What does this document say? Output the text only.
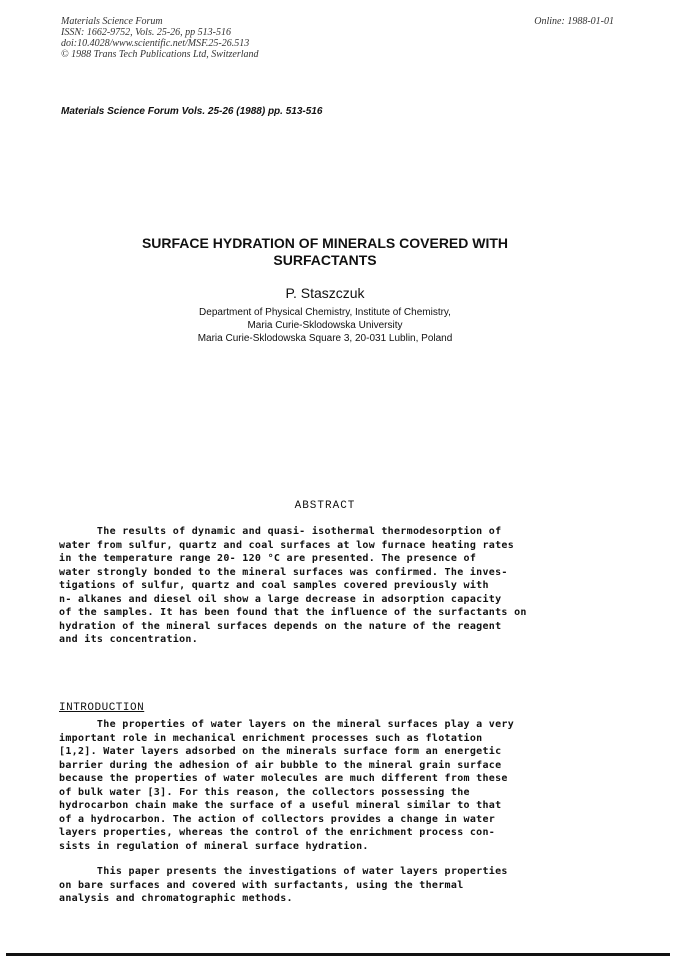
Materials Science Forum
ISSN: 1662-9752, Vols. 25-26, pp 513-516
doi:10.4028/www.scientific.net/MSF.25-26.513
© 1988 Trans Tech Publications Ltd, Switzerland
Online: 1988-01-01
Materials Science Forum Vols. 25-26 (1988) pp. 513-516
SURFACE HYDRATION OF MINERALS COVERED WITH
SURFACTANTS
P. Staszczuk
Department of Physical Chemistry, Institute of Chemistry,
Maria Curie-Sklodowska University
Maria Curie-Sklodowska Square 3, 20-031 Lublin, Poland
ABSTRACT
The results of dynamic and quasi- isothermal thermodesorption of
water from sulfur, quartz and coal surfaces at low furnace heating rates
in the temperature range 20- 120 °C are presented. The presence of
water strongly bonded to the mineral surfaces was confirmed. The inves-
tigations of sulfur, quartz and coal samples covered previously with
n- alkanes and diesel oil show a large decrease in adsorption capacity
of the samples. It has been found that the influence of the surfactants on
hydration of the mineral surfaces depends on the nature of the reagent
and its concentration.
INTRODUCTION
The properties of water layers on the mineral surfaces play a very
important role in mechanical enrichment processes such as flotation
[1,2]. Water layers adsorbed on the minerals surface form an energetic
barrier during the adhesion of air bubble to the mineral grain surface
because the properties of water molecules are much different from these
of bulk water [3]. For this reason, the collectors possessing the
hydrocarbon chain make the surface of a useful mineral similar to that
of a hydrocarbon. The action of collectors provides a change in water
layers properties, whereas the control of the enrichment process con-
sists in regulation of mineral surface hydration.
This paper presents the investigations of water layers properties
on bare surfaces and covered with surfactants, using the thermal
analysis and chromatographic methods.
